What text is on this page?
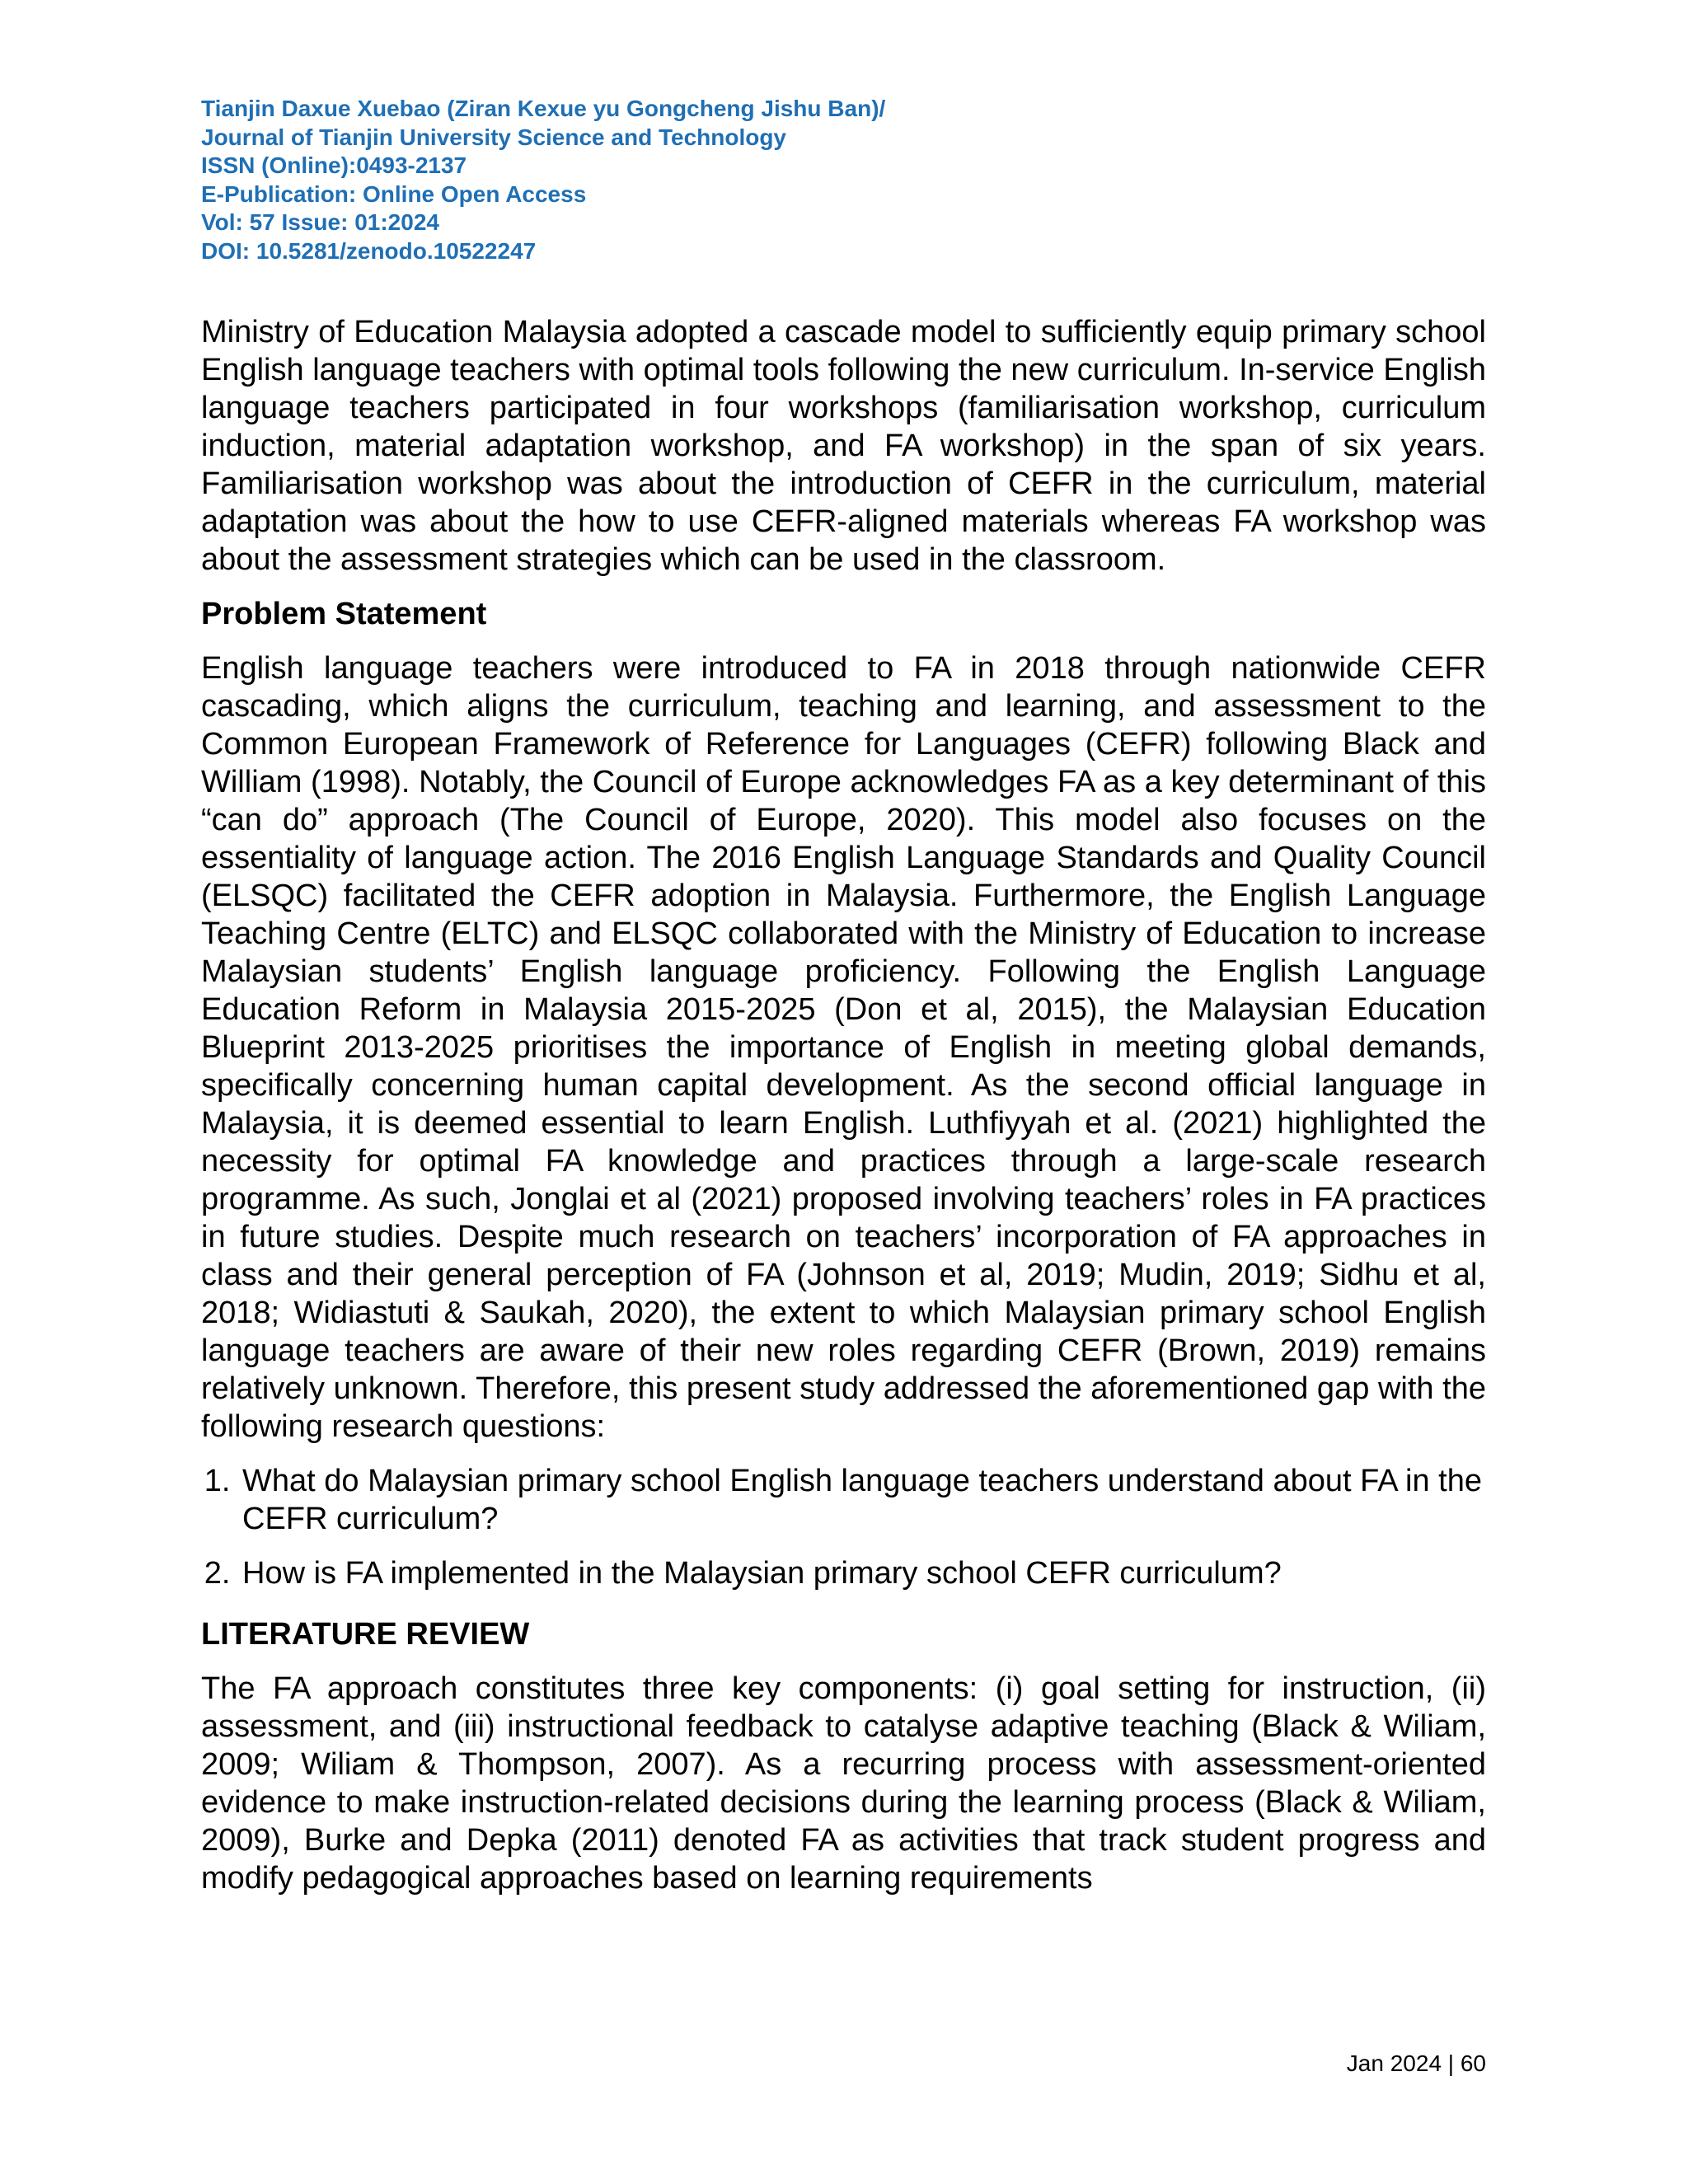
Tianjin Daxue Xuebao (Ziran Kexue yu Gongcheng Jishu Ban)/
Journal of Tianjin University Science and Technology
ISSN (Online):0493-2137
E-Publication: Online Open Access
Vol: 57 Issue: 01:2024
DOI: 10.5281/zenodo.10522247

Ministry of Education Malaysia adopted a cascade model to sufficiently equip primary school English language teachers with optimal tools following the new curriculum. In-service English language teachers participated in four workshops (familiarisation workshop, curriculum induction, material adaptation workshop, and FA workshop) in the span of six years. Familiarisation workshop was about the introduction of CEFR in the curriculum, material adaptation was about the how to use CEFR-aligned materials whereas FA workshop was about the assessment strategies which can be used in the classroom.

Problem Statement

English language teachers were introduced to FA in 2018 through nationwide CEFR cascading, which aligns the curriculum, teaching and learning, and assessment to the Common European Framework of Reference for Languages (CEFR) following Black and William (1998). Notably, the Council of Europe acknowledges FA as a key determinant of this “can do” approach (The Council of Europe, 2020). This model also focuses on the essentiality of language action. The 2016 English Language Standards and Quality Council (ELSQC) facilitated the CEFR adoption in Malaysia. Furthermore, the English Language Teaching Centre (ELTC) and ELSQC collaborated with the Ministry of Education to increase Malaysian students’ English language proficiency. Following the English Language Education Reform in Malaysia 2015-2025 (Don et al, 2015), the Malaysian Education Blueprint 2013-2025 prioritises the importance of English in meeting global demands, specifically concerning human capital development. As the second official language in Malaysia, it is deemed essential to learn English. Luthfiyyah et al. (2021) highlighted the necessity for optimal FA knowledge and practices through a large-scale research programme. As such, Jonglai et al (2021) proposed involving teachers’ roles in FA practices in future studies. Despite much research on teachers’ incorporation of FA approaches in class and their general perception of FA (Johnson et al, 2019; Mudin, 2019; Sidhu et al, 2018; Widiastuti & Saukah, 2020), the extent to which Malaysian primary school English language teachers are aware of their new roles regarding CEFR (Brown, 2019) remains relatively unknown. Therefore, this present study addressed the aforementioned gap with the following research questions:

1. What do Malaysian primary school English language teachers understand about FA in the CEFR curriculum?
2. How is FA implemented in the Malaysian primary school CEFR curriculum?
LITERATURE REVIEW

The FA approach constitutes three key components: (i) goal setting for instruction, (ii) assessment, and (iii) instructional feedback to catalyse adaptive teaching (Black & Wiliam, 2009; Wiliam & Thompson, 2007). As a recurring process with assessment-oriented evidence to make instruction-related decisions during the learning process (Black & Wiliam, 2009), Burke and Depka (2011) denoted FA as activities that track student progress and modify pedagogical approaches based on learning requirements

Jan 2024 | 60
